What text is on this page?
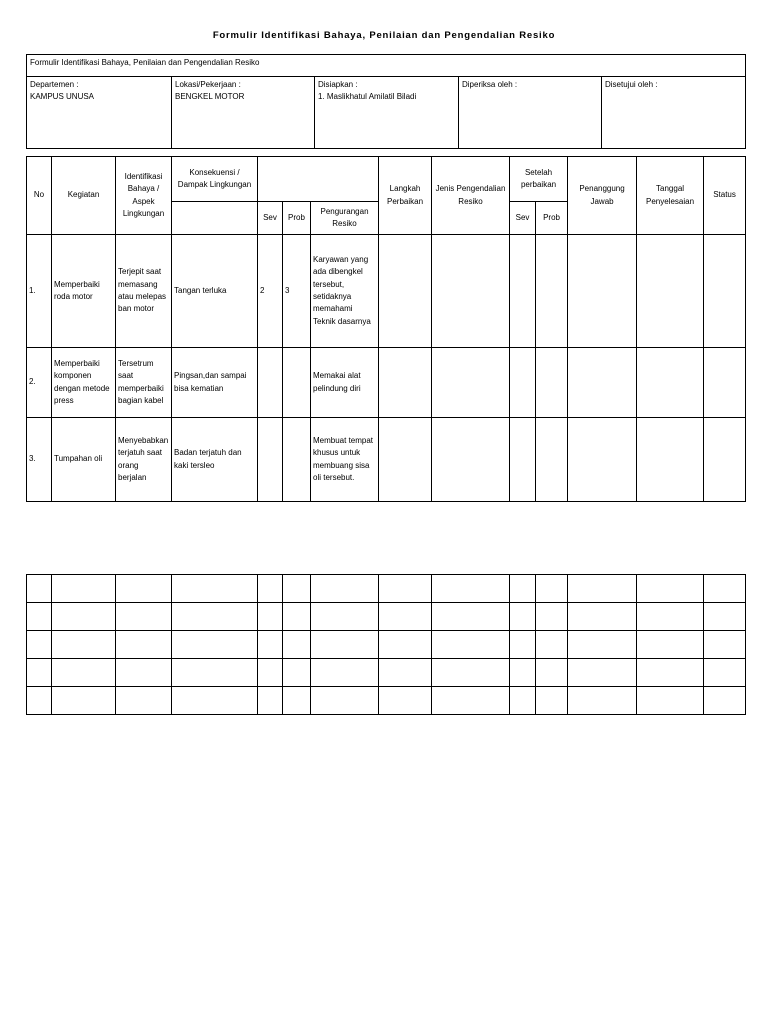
Formulir Identifikasi Bahaya, Penilaian dan Pengendalian Resiko
Formulir Identifikasi Bahaya, Penilaian dan Pengendalian Resiko

Departemen :
KAMPUS UNUSA

Lokasi/Pekerjaan :
BENGKEL MOTOR

Disiapkan :
1. Maslikhatul Amilatil Biladi

Diperiksa oleh :	Disetujui oleh :
No	Kegiatan	Identifikasi Bahaya / Aspek Lingkungan	Konsekuensi / Dampak Lingkungan				Langkah Perbaikan	Jenis Pengendalian Resiko	Setelah perbaikan		Penanggung Jawab	Tanggal Penyelesaian	Status
				Sev	Prob	Pengurangan Resiko			Sev	Prob			
1.	Memperbaiki roda motor	Terjepit saat memasang atau melepas ban motor	Tangan terluka	2	3	Karyawan yang ada dibengkel tersebut, setidaknya memahami Teknik dasarnya							
2.	Memperbaiki komponen dengan metode press	Tersetrum saat memperbaiki bagian kabel	Pingsan,dan sampai bisa kematian			Memakai alat pelindung diri							
3.	Tumpahan oli	Menyebabkan terjatuh saat orang berjalan	Badan terjatuh dan kaki tersleo			Membuat tempat khusus untuk membuang sisa oli tersebut.							
